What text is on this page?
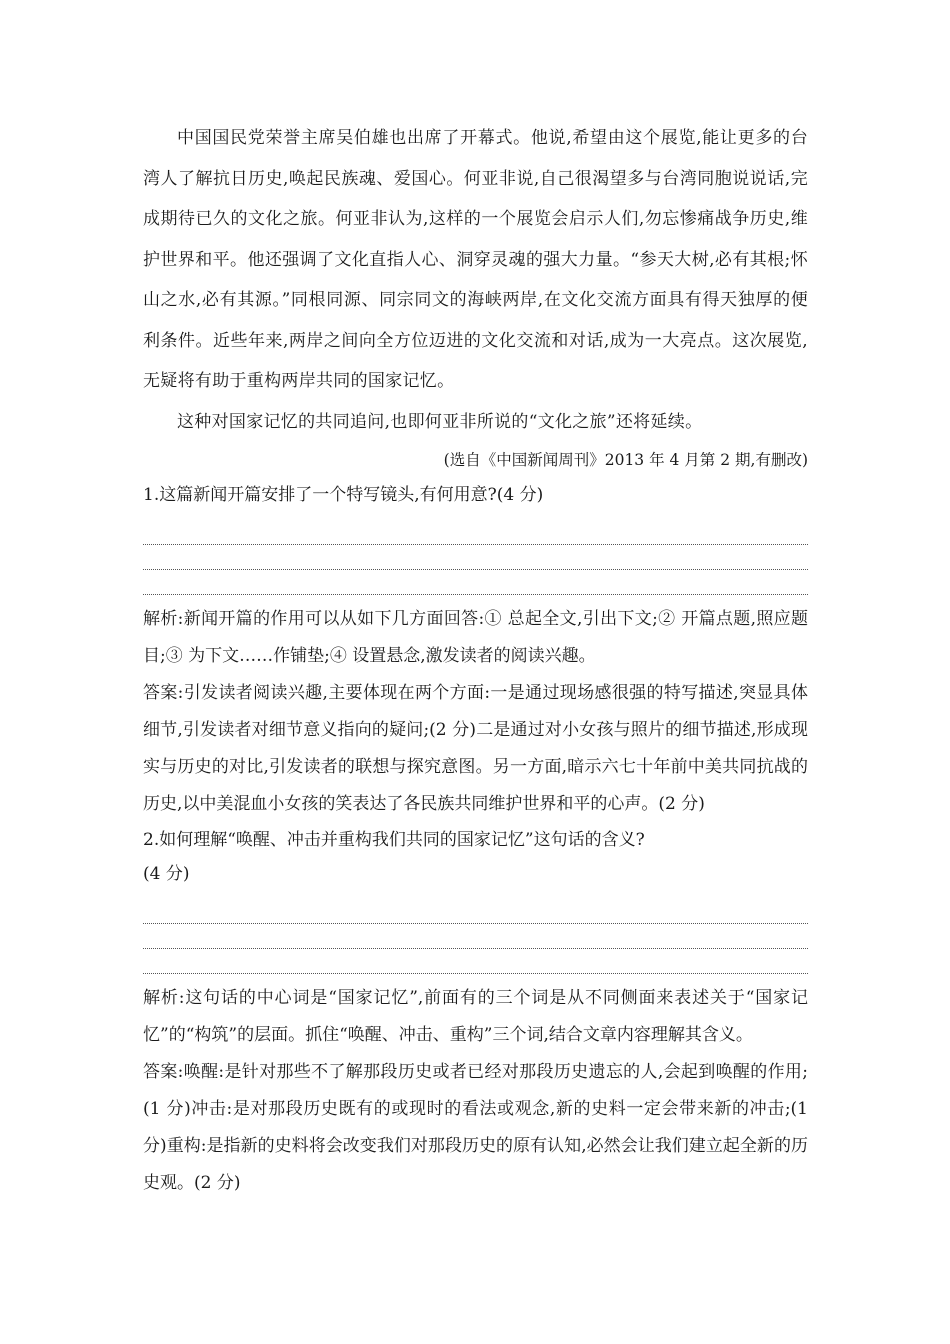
中国国民党荣誉主席吴伯雄也出席了开幕式。他说,希望由这个展览,能让更多的台湾人了解抗日历史,唤起民族魂、爱国心。何亚非说,自己很渴望多与台湾同胞说说话,完成期待已久的文化之旅。何亚非认为,这样的一个展览会启示人们,勿忘惨痛战争历史,维护世界和平。他还强调了文化直指人心、洞穿灵魂的强大力量。“参天大树,必有其根;怀山之水,必有其源。”同根同源、同宗同文的海峡两岸,在文化交流方面具有得天独厚的便利条件。近些年来,两岸之间向全方位迈进的文化交流和对话,成为一大亮点。这次展览,无疑将有助于重构两岸共同的国家记忆。

这种对国家记忆的共同追问,也即何亚非所说的“文化之旅”还将延续。

(选自《中国新闻周刊》2013 年 4 月第 2 期,有删改)

1.这篇新闻开篇安排了一个特写镜头,有何用意?(4 分)

解析:新闻开篇的作用可以从如下几方面回答:① 总起全文,引出下文;② 开篇点题,照应题目;③ 为下文……作铺垫;④ 设置悬念,激发读者的阅读兴趣。

答案:引发读者阅读兴趣,主要体现在两个方面:一是通过现场感很强的特写描述,突显具体细节,引发读者对细节意义指向的疑问;(2 分)二是通过对小女孩与照片的细节描述,形成现实与历史的对比,引发读者的联想与探究意图。另一方面,暗示六七十年前中美共同抗战的历史,以中美混血小女孩的笑表达了各民族共同维护世界和平的心声。(2 分)

2.如何理解“唤醒、冲击并重构我们共同的国家记忆”这句话的含义?

(4 分)

解析:这句话的中心词是“国家记忆”,前面有的三个词是从不同侧面来表述关于“国家记忆”的“构筑”的层面。抓住“唤醒、冲击、重构”三个词,结合文章内容理解其含义。

答案:唤醒:是针对那些不了解那段历史或者已经对那段历史遗忘的人,会起到唤醒的作用;(1 分)冲击:是对那段历史既有的或现时的看法或观念,新的史料一定会带来新的冲击;(1 分)重构:是指新的史料将会改变我们对那段历史的原有认知,必然会让我们建立起全新的历史观。(2 分)
